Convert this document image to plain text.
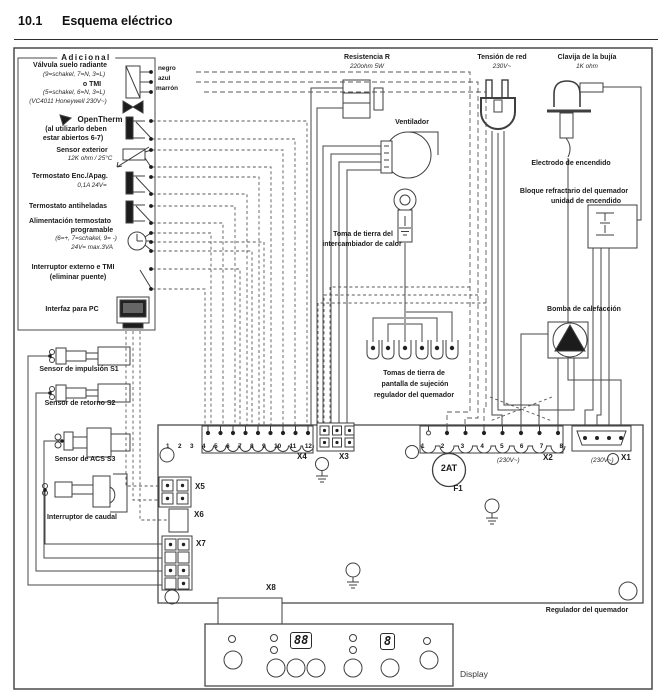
10.1 Esquema eléctrico
Adicional
Válvula suelo radiante
(9=schakel, 7=N, 3=L)
o TMI
(5=schakel, 6=N, 3=L)
(VC4011 Honeywell 230V~)
OpenTherm
(al utilizarlo deben
estar abiertos 6-7)
Sensor exterior
12K ohm / 25°C
Termostato Enc./Apag.
0,1A 24V=
Termostato antiheladas
Alimentación termostato
programable
(6=+, 7=schakel, 9= -)
24V= max.3VA
Interruptor externo e TMI
(eliminar puente)
Interfaz para PC
negro
azul
marrón
Resistencia R
220ohm 5W
Ventilador
Tensión de red
230V~
Clavija de la bujía
1K ohm
Electrodo de encendido
Bloque refractario del quemador
unidad de encendido
Toma de tierra del
intercambiador de calor
Bomba de calefacción
Tomas de tierra de
pantalla de sujeción
regulador del quemador
Sensor de impulsión S1
Sensor de retorno S2
Sensor de ACS S3
Interruptor de caudal
1 2 3 4 5 6 7 8 9 10 11 12	1	2	3	4	5	6	7	8
X4	X3	(230V~)	X2	(230V~) X1
2AT
F1
X5
X6
X7
X8
Regulador del quemador
88	8
Display
